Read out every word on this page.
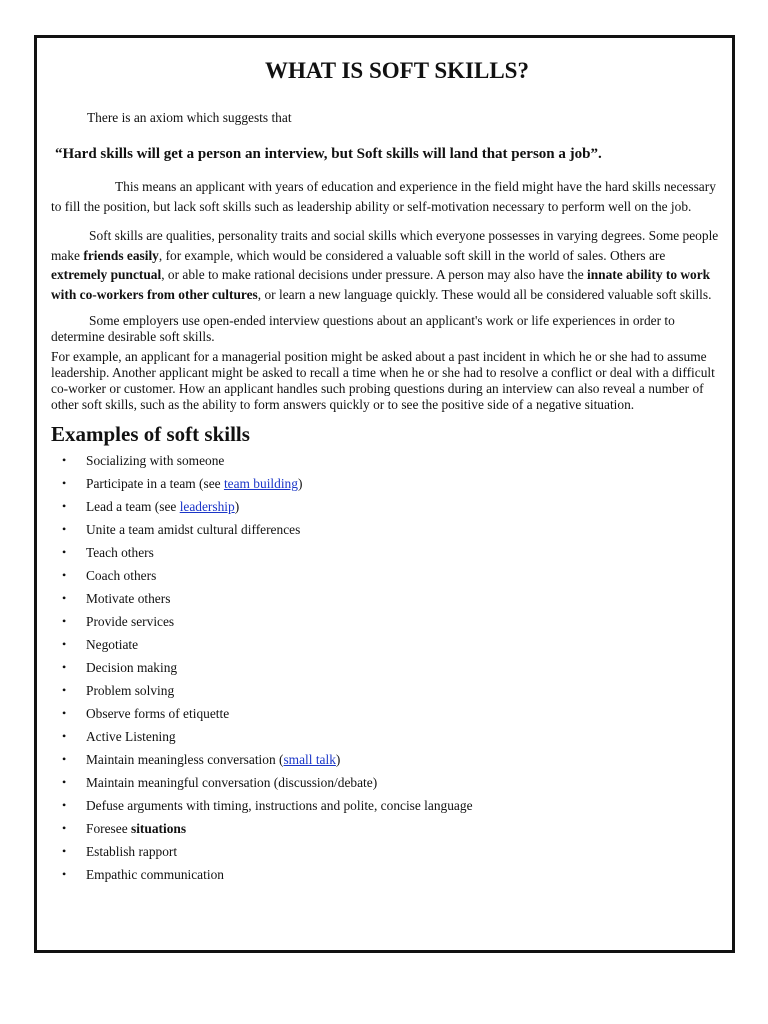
WHAT IS SOFT SKILLS?

There is an axiom which suggests that

“Hard skills will get a person an interview, but Soft skills will land that person a job”.

This means an applicant with years of education and experience in the field might have the hard skills necessary to fill the position, but lack soft skills such as leadership ability or self-motivation necessary to perform well on the job.

Soft skills are qualities, personality traits and social skills which everyone possesses in varying degrees. Some people make friends easily, for example, which would be considered a valuable soft skill in the world of sales. Others are extremely punctual, or able to make rational decisions under pressure. A person may also have the innate ability to work with co-workers from other cultures, or learn a new language quickly. These would all be considered valuable soft skills.

Some employers use open-ended interview questions about an applicant's work or life experiences in order to determine desirable soft skills.

For example, an applicant for a managerial position might be asked about a past incident in which he or she had to assume leadership. Another applicant might be asked to recall a time when he or she had to resolve a conflict or deal with a difficult co-worker or customer. How an applicant handles such probing questions during an interview can also reveal a number of other soft skills, such as the ability to form answers quickly or to see the positive side of a negative situation.

Examples of soft skills
• Socializing with someone
• Participate in a team (see team building)
• Lead a team (see leadership)
• Unite a team amidst cultural differences
• Teach others
• Coach others
• Motivate others
• Provide services
• Negotiate
• Decision making
• Problem solving
• Observe forms of etiquette
• Active Listening
• Maintain meaningless conversation (small talk)
• Maintain meaningful conversation (discussion/debate)
• Defuse arguments with timing, instructions and polite, concise language
• Foresee situations
• Establish rapport
• Empathic communication
